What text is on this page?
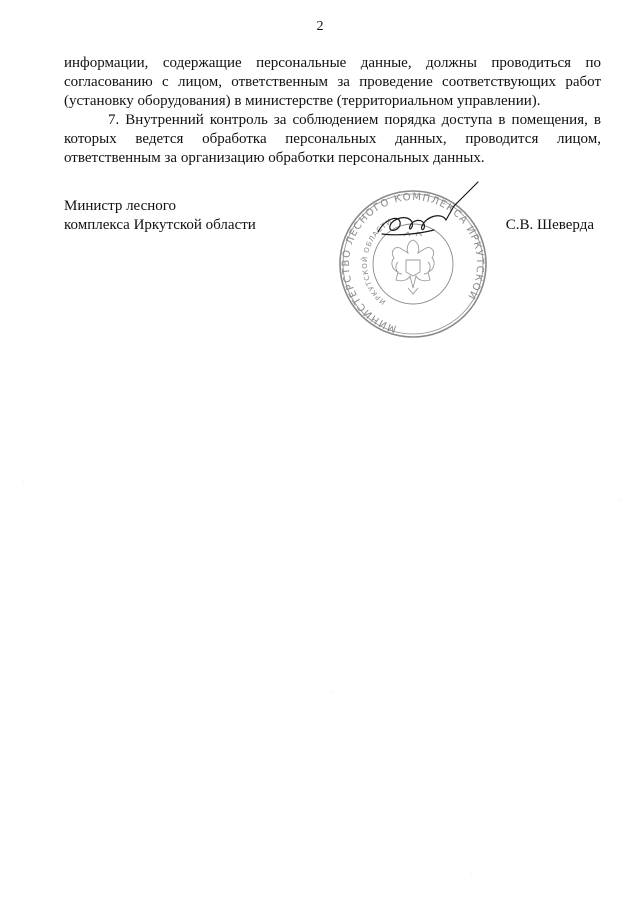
2

информации, содержащие персональные данные, должны проводиться по согласованию с лицом, ответственным за проведение соответствующих работ (установку оборудования) в министерстве (территориальном управлении).

7. Внутренний контроль за соблюдением порядка доступа в помещения, в которых ведется обработка персональных данных, проводится лицом, ответственным за организацию обработки персональных данных.

Министр лесного
комплекса Иркутской области	С.В. Шеверда
МИНИСТЕРСТВО ЛЕСНОГО КОМПЛЕКСА ИРКУТСКОЙ
ИРКУТСКОЙ ОБЛАСТИ
·
·
·
·
